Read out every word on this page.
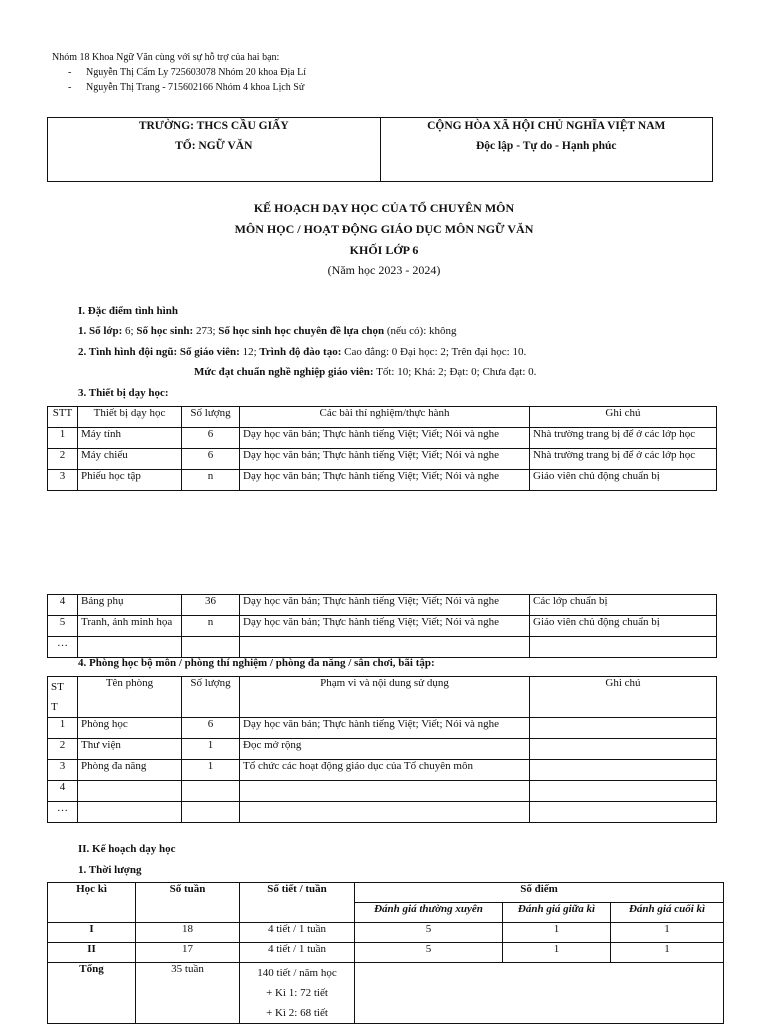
Nhóm 18 Khoa Ngữ Văn cùng với sự hỗ trợ của hai bạn:
- Nguyễn Thị Cẩm Ly 725603078 Nhóm 20 khoa Địa Lí
- Nguyễn Thị Trang - 715602166 Nhóm 4 khoa Lịch Sử
TRƯỜNG: THCS CẦU GIẤY
TỔ: NGỮ VĂN

CỘNG HÒA XÃ HỘI CHỦ NGHĨA VIỆT NAM
Độc lập - Tự do - Hạnh phúc
KẾ HOẠCH DẠY HỌC CỦA TỔ CHUYÊN MÔN
MÔN HỌC / HOẠT ĐỘNG GIÁO DỤC MÔN NGỮ VĂN
KHỐI LỚP 6
(Năm học 2023 - 2024)
I. Đặc điểm tình hình
1. Số lớp: 6; Số học sinh: 273; Số học sinh học chuyên đề lựa chọn (nếu có): không
2. Tình hình đội ngũ: Số giáo viên: 12; Trình độ đào tạo: Cao đẳng: 0 Đại học: 2; Trên đại học: 10.
Mức đạt chuẩn nghề nghiệp giáo viên: Tốt: 10; Khá: 2; Đạt: 0; Chưa đạt: 0.
3. Thiết bị dạy học:
STT	Thiết bị dạy học	Số lượng	Các bài thí nghiệm/thực hành	Ghi chú
1	Máy tính	6	Dạy học văn bản; Thực hành tiếng Việt; Viết; Nói và nghe	Nhà trường trang bị để ở các lớp học
2	Máy chiếu	6	Dạy học văn bản; Thực hành tiếng Việt; Viết; Nói và nghe	Nhà trường trang bị để ở các lớp học
3	Phiếu học tập	n	Dạy học văn bản; Thực hành tiếng Việt; Viết; Nói và nghe	Giáo viên chủ động chuẩn bị
4	Bảng phụ	36	Dạy học văn bản; Thực hành tiếng Việt; Viết; Nói và nghe	Các lớp chuẩn bị
5	Tranh, ảnh minh họa	n	Dạy học văn bản; Thực hành tiếng Việt; Viết; Nói và nghe	Giáo viên chủ động chuẩn bị
…				
4. Phòng học bộ môn / phòng thí nghiệm / phòng đa năng / sân chơi, bãi tập:
ST
T	Tên phòng	Số lượng	Phạm vi và nội dung sử dụng	Ghi chú
1	Phòng học	6	Dạy học văn bản; Thực hành tiếng Việt; Viết; Nói và nghe	
2	Thư viện	1	Đọc mở rộng	
3	Phòng đa năng	1	Tổ chức các hoạt động giáo dục của Tổ chuyên môn	
4				
…				
II. Kế hoạch dạy học
1. Thời lượng
Học kì	Số tuần	Số tiết / tuần	Số điểm		
			Đánh giá thường xuyên	Đánh giá giữa kì	Đánh giá cuối kì
I	18	4 tiết / 1 tuần	5	1	1
II	17	4 tiết / 1 tuần	5	1	1
Tổng	35 tuần	140 tiết / năm học
+ Kì 1: 72 tiết
+ Kì 2: 68 tiết			
